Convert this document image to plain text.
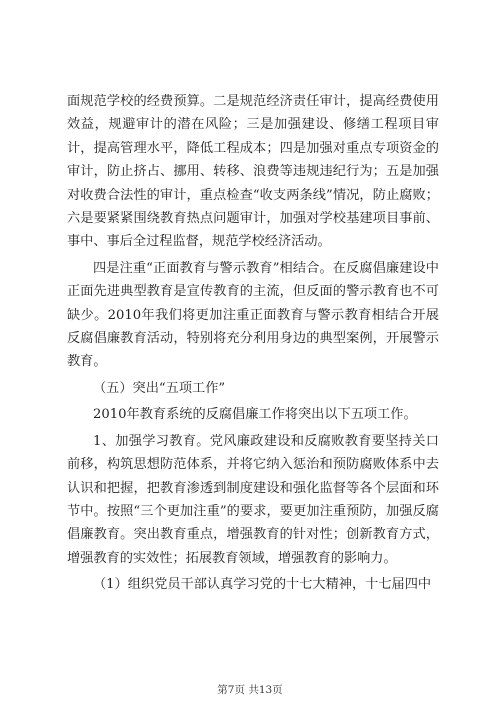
面规范学校的经费预算。二是规范经济责任审计，提高经费使用效益，规避审计的潜在风险；三是加强建设、修缮工程项目审计，提高管理水平，降低工程成本；四是加强对重点专项资金的审计，防止挤占、挪用、转移、浪费等违规违纪行为；五是加强对收费合法性的审计，重点检查“收支两条线”情况，防止腐败；六是要紧紧围绕教育热点问题审计，加强对学校基建项目事前、事中、事后全过程监督，规范学校经济活动。

四是注重“正面教育与警示教育”相结合。在反腐倡廉建设中正面先进典型教育是宣传教育的主流，但反面的警示教育也不可缺少。2010年我们将更加注重正面教育与警示教育相结合开展反腐倡廉教育活动，特别将充分利用身边的典型案例，开展警示教育。

（五）突出“五项工作”

2010年教育系统的反腐倡廉工作将突出以下五项工作。

1、加强学习教育。党风廉政建设和反腐败教育要坚持关口前移，构筑思想防范体系，并将它纳入惩治和预防腐败体系中去认识和把握，把教育渗透到制度建设和强化监督等各个层面和环节中。按照“三个更加注重”的要求，要更加注重预防，加强反腐倡廉教育。突出教育重点，增强教育的针对性；创新教育方式，增强教育的实效性；拓展教育领域，增强教育的影响力。

（1）组织党员干部认真学习党的十七大精神，十七届四中

第7页 共13页
